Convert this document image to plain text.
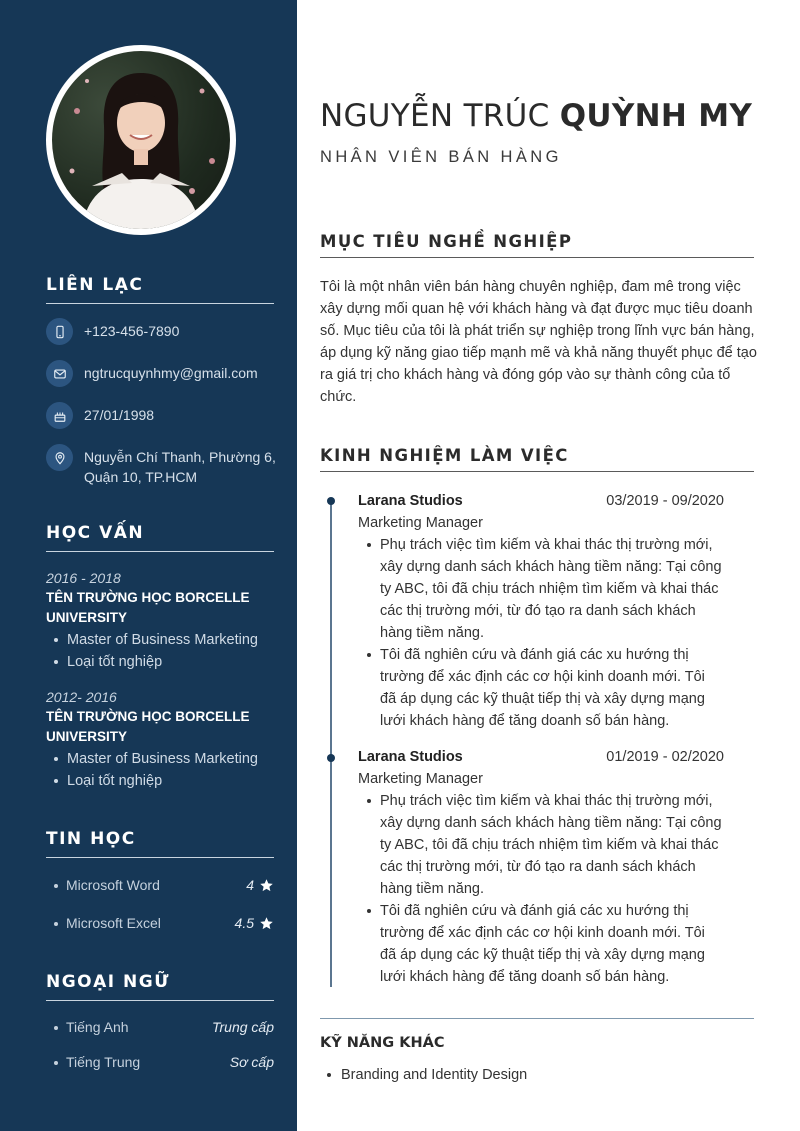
LIÊN LẠC
+123-456-7890
ngtrucquynhmy@gmail.com
27/01/1998
Nguyễn Chí Thanh, Phường 6, Quận 10, TP.HCM
HỌC VẤN
2016 - 2018
TÊN TRƯỜNG HỌC BORCELLE UNIVERSITY
Master of Business Marketing
Loại tốt nghiệp
2012- 2016
TÊN TRƯỜNG HỌC BORCELLE UNIVERSITY
Master of Business Marketing
Loại tốt nghiệp
TIN HỌC
Microsoft Word	4
Microsoft Excel	4.5
NGOẠI NGỮ
Tiếng Anh	Trung cấp
Tiếng Trung	Sơ cấp
NGUYỄN TRÚC QUỲNH MY
NHÂN VIÊN BÁN HÀNG
MỤC TIÊU NGHỀ NGHIỆP
Tôi là một nhân viên bán hàng chuyên nghiệp, đam mê trong việc xây dựng mối quan hệ với khách hàng và đạt được mục tiêu doanh số. Mục tiêu của tôi là phát triển sự nghiệp trong lĩnh vực bán hàng, áp dụng kỹ năng giao tiếp mạnh mẽ và khả năng thuyết phục để tạo ra giá trị cho khách hàng và đóng góp vào sự thành công của tổ chức.
KINH NGHIỆM LÀM VIỆC
Larana Studios	03/2019 - 09/2020
Marketing Manager
Phụ trách việc tìm kiếm và khai thác thị trường mới, xây dựng danh sách khách hàng tiềm năng: Tại công ty ABC, tôi đã chịu trách nhiệm tìm kiếm và khai thác các thị trường mới, từ đó tạo ra danh sách khách hàng tiềm năng.
Tôi đã nghiên cứu và đánh giá các xu hướng thị trường để xác định các cơ hội kinh doanh mới. Tôi đã áp dụng các kỹ thuật tiếp thị và xây dựng mạng lưới khách hàng để tăng doanh số bán hàng.
Larana Studios	01/2019 - 02/2020
Marketing Manager
Phụ trách việc tìm kiếm và khai thác thị trường mới, xây dựng danh sách khách hàng tiềm năng: Tại công ty ABC, tôi đã chịu trách nhiệm tìm kiếm và khai thác các thị trường mới, từ đó tạo ra danh sách khách hàng tiềm năng.
Tôi đã nghiên cứu và đánh giá các xu hướng thị trường để xác định các cơ hội kinh doanh mới. Tôi đã áp dụng các kỹ thuật tiếp thị và xây dựng mạng lưới khách hàng để tăng doanh số bán hàng.
KỸ NĂNG KHÁC
Branding and Identity Design
